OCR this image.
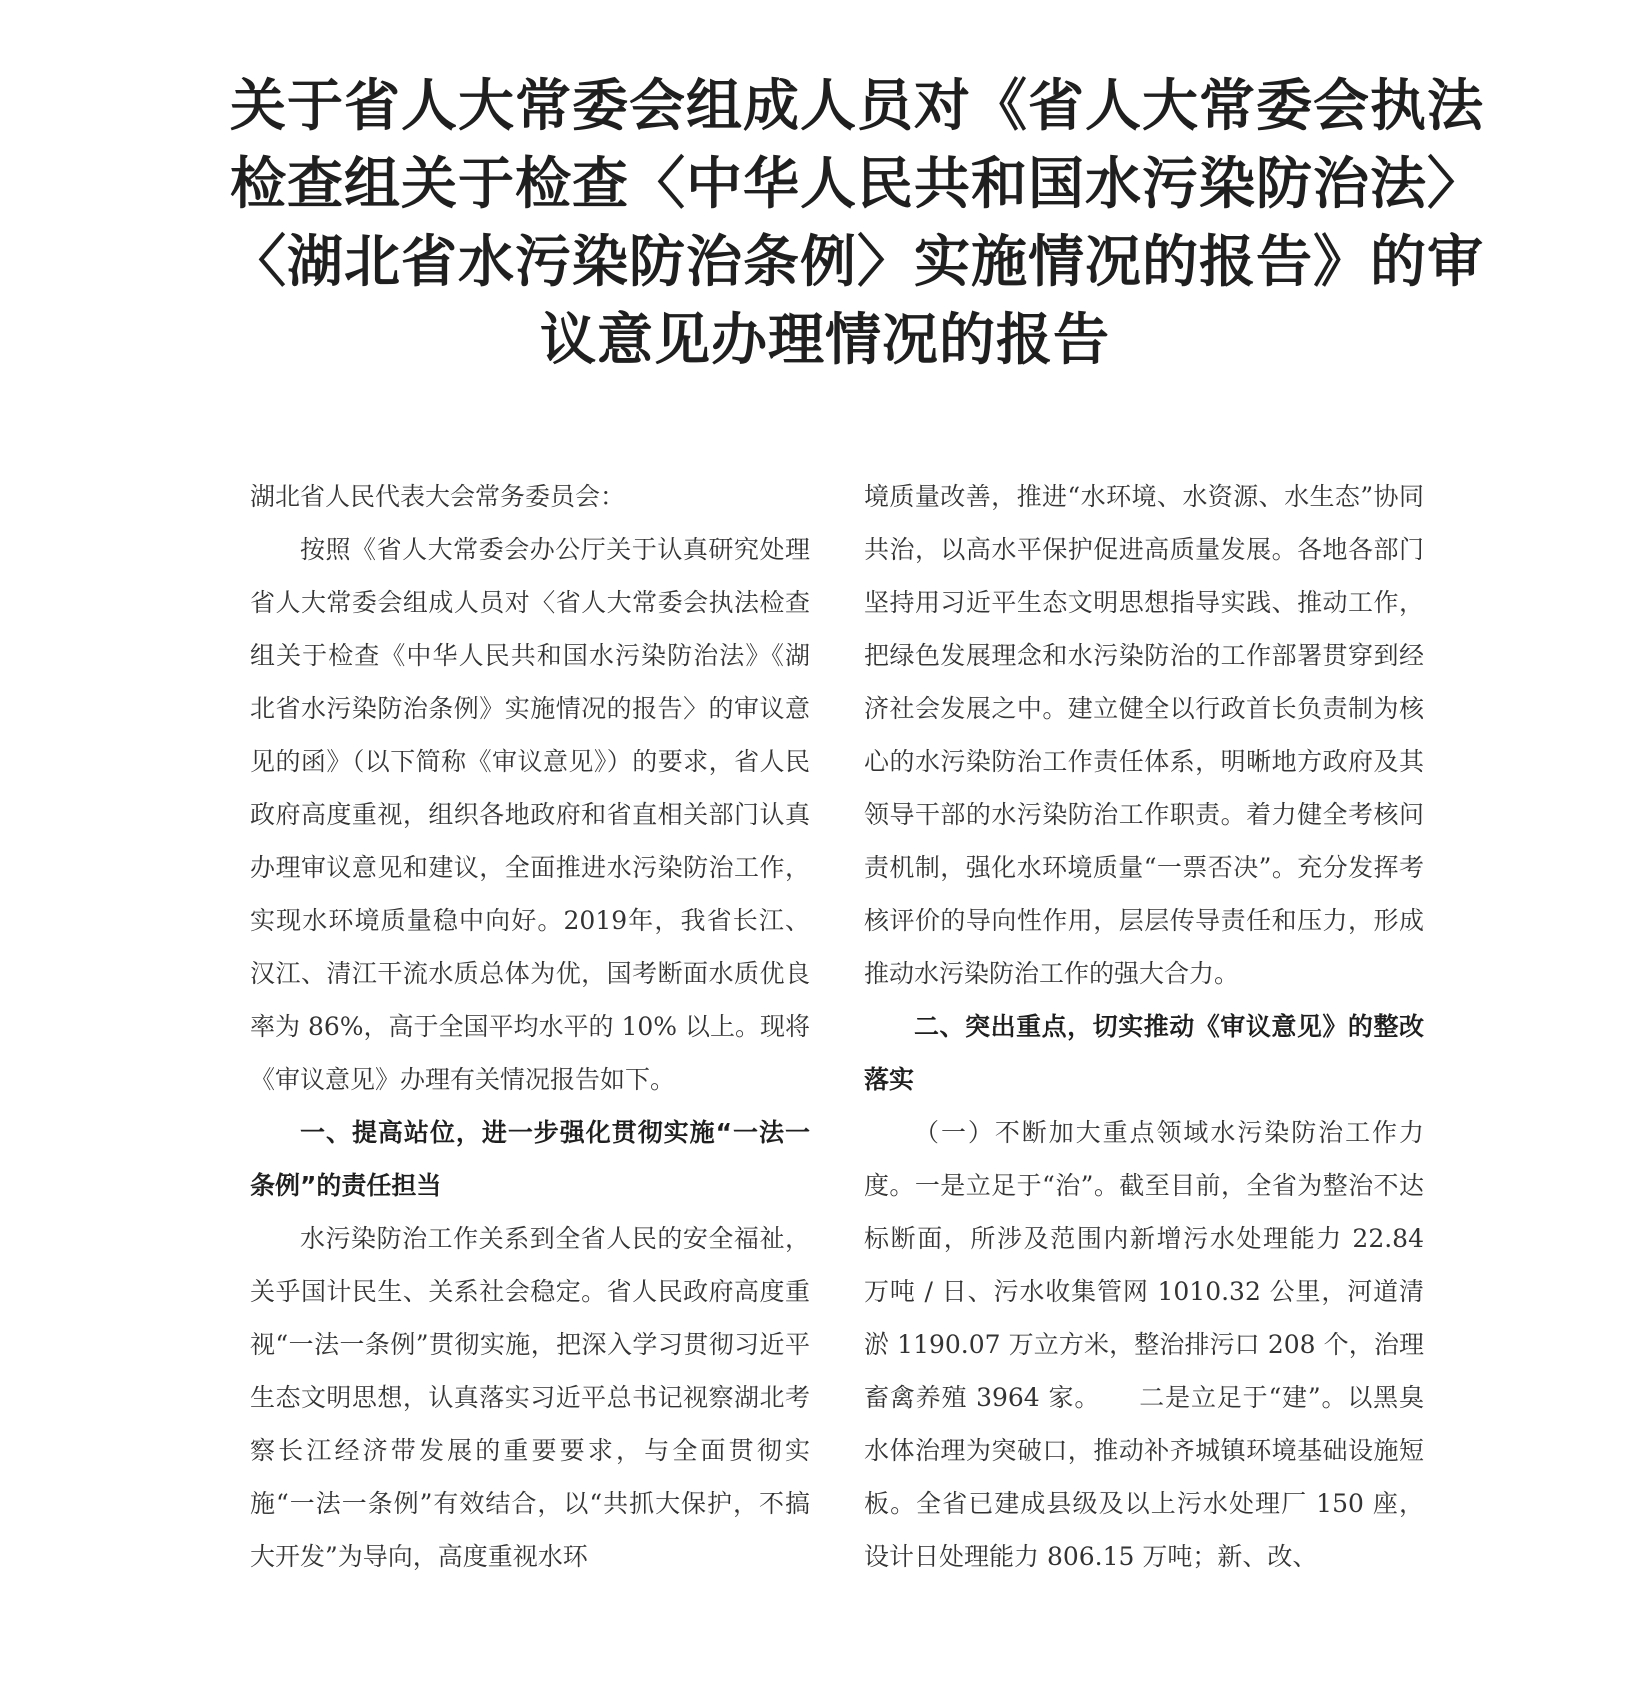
关于省人大常委会组成人员对《省人大常委会执法
检查组关于检查〈中华人民共和国水污染防治法〉
〈湖北省水污染防治条例〉实施情况的报告》的审
议意见办理情况的报告

湖北省人民代表大会常务委员会：

按照《省人大常委会办公厅关于认真研究处理省人大常委会组成人员对〈省人大常委会执法检查组关于检查《中华人民共和国水污染防治法》《湖北省水污染防治条例》实施情况的报告〉的审议意见的函》（以下简称《审议意见》）的要求，省人民政府高度重视，组织各地政府和省直相关部门认真办理审议意见和建议，全面推进水污染防治工作，实现水环境质量稳中向好。2019年，我省长江、汉江、清江干流水质总体为优，国考断面水质优良率为 86%，高于全国平均水平的 10% 以上。现将《审议意见》办理有关情况报告如下。

一、提高站位，进一步强化贯彻实施“一法一条例”的责任担当

水污染防治工作关系到全省人民的安全福祉，关乎国计民生、关系社会稳定。省人民政府高度重视“一法一条例”贯彻实施，把深入学习贯彻习近平生态文明思想，认真落实习近平总书记视察湖北考察长江经济带发展的重要要求，与全面贯彻实施“一法一条例”有效结合，以“共抓大保护，不搞大开发”为导向，高度重视水环

境质量改善，推进“水环境、水资源、水生态”协同共治，以高水平保护促进高质量发展。各地各部门坚持用习近平生态文明思想指导实践、推动工作，把绿色发展理念和水污染防治的工作部署贯穿到经济社会发展之中。建立健全以行政首长负责制为核心的水污染防治工作责任体系，明晰地方政府及其领导干部的水污染防治工作职责。着力健全考核问责机制，强化水环境质量“一票否决”。充分发挥考核评价的导向性作用，层层传导责任和压力，形成推动水污染防治工作的强大合力。

二、突出重点，切实推动《审议意见》的整改落实

（一）不断加大重点领域水污染防治工作力度。一是立足于“治”。截至目前，全省为整治不达标断面，所涉及范围内新增污水处理能力 22.84 万吨 / 日、污水收集管网 1010.32 公里，河道清淤 1190.07 万立方米，整治排污口 208 个，治理畜禽养殖 3964 家。　　二是立足于“建”。以黑臭水体治理为突破口，推动补齐城镇环境基础设施短板。全省已建成县级及以上污水处理厂 150 座，设计日处理能力 806.15 万吨；新、改、
